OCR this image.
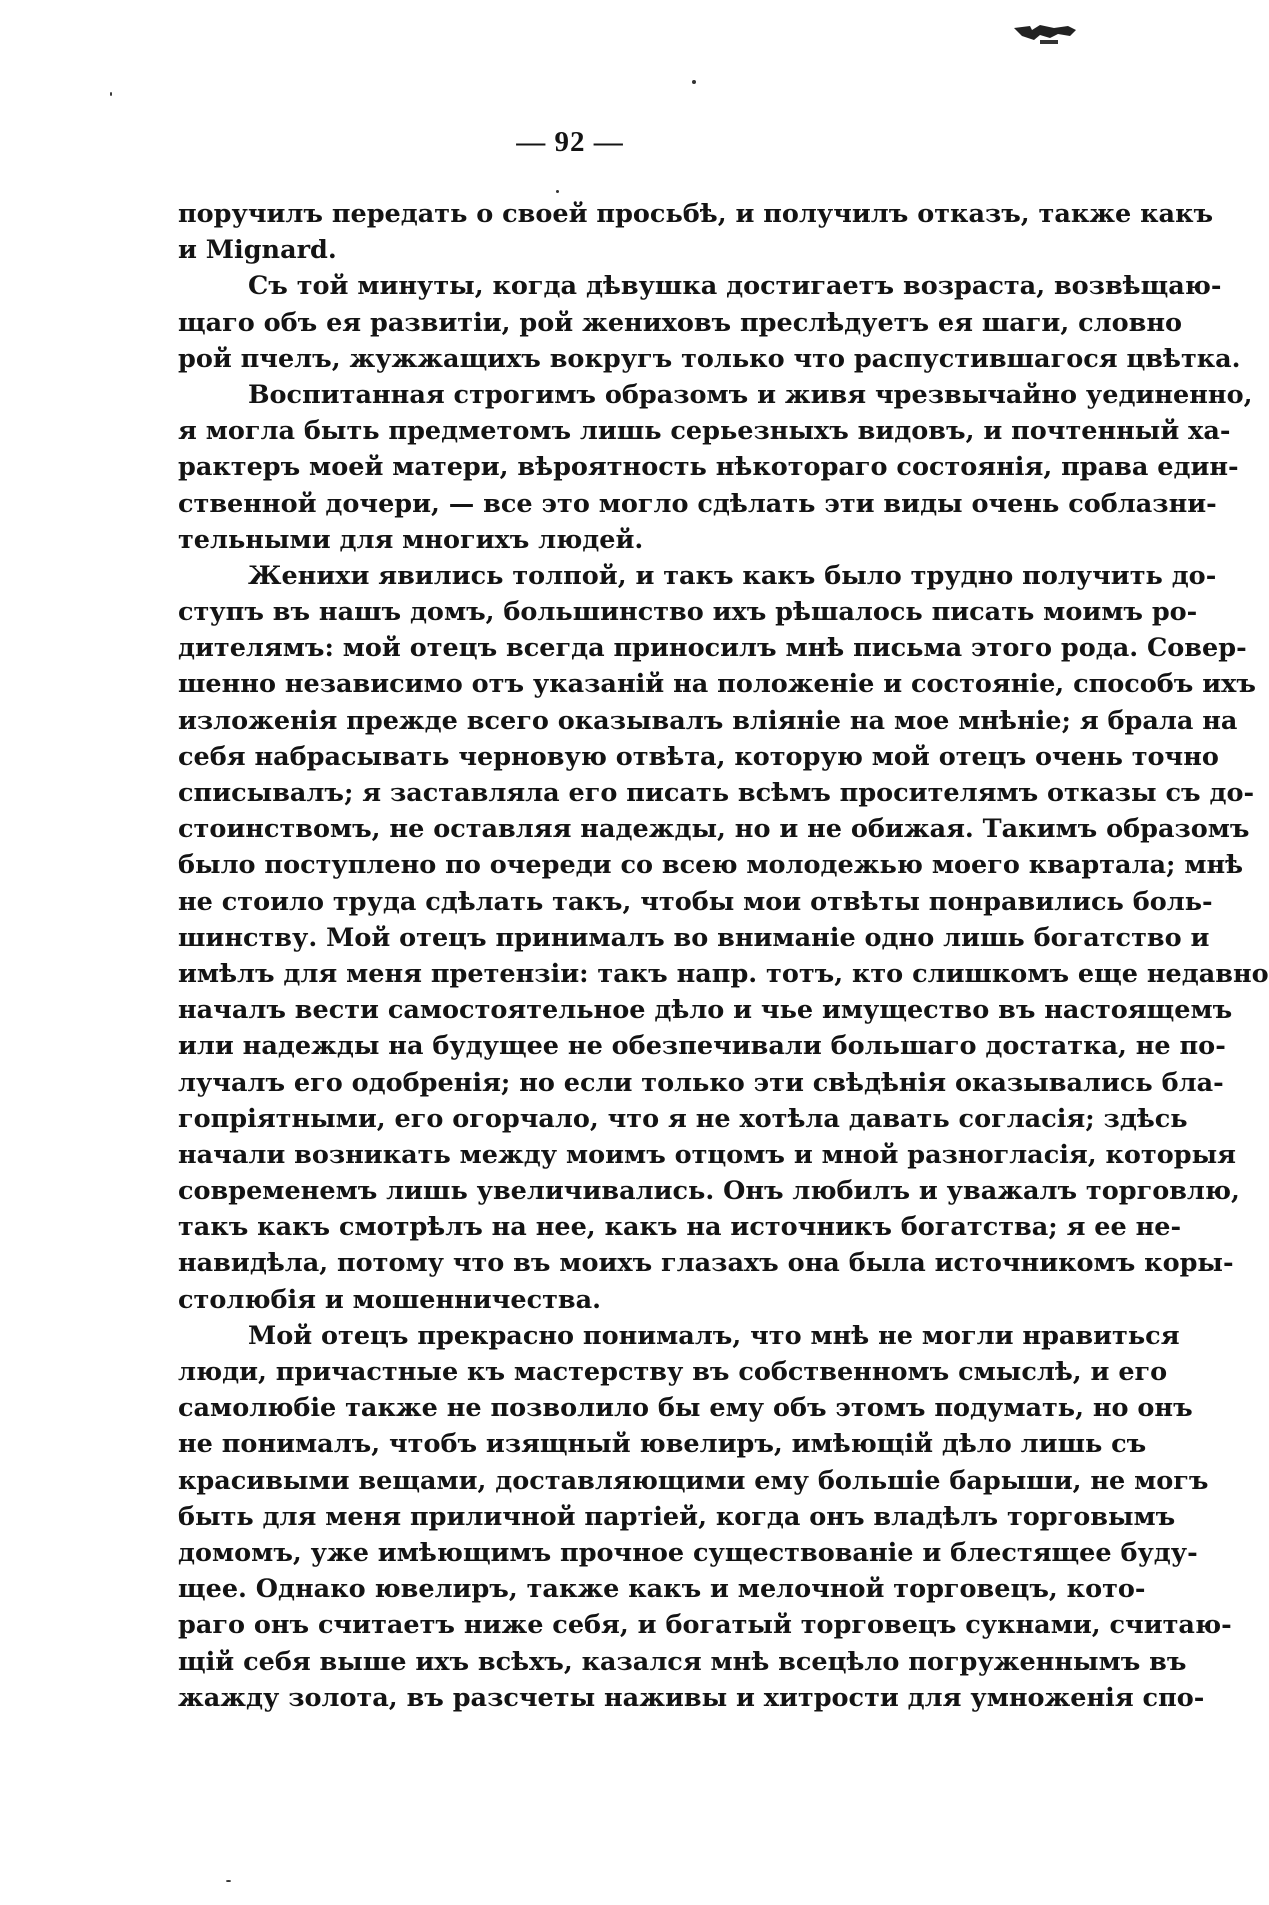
— 92 —
поручилъ передать о своей просьбѣ, и получилъ отказъ, также какъ
и Mignard.
Съ той минуты, когда дѣвушка достигаетъ возраста, возвѣщаю-
щаго объ ея развитіи, рой жениховъ преслѣдуетъ ея шаги, словно
рой пчелъ, жужжащихъ вокругъ только что распустившагося цвѣтка.
Воспитанная строгимъ образомъ и живя чрезвычайно уединенно,
я могла быть предметомъ лишь серьезныхъ видовъ, и почтенный ха-
рактеръ моей матери, вѣроятность нѣкотораго состоянія, права един-
ственной дочери, — все это могло сдѣлать эти виды очень соблазни-
тельными для многихъ людей.
Женихи явились толпой, и такъ какъ было трудно получить до-
ступъ въ нашъ домъ, большинство ихъ рѣшалось писать моимъ ро-
дителямъ: мой отецъ всегда приносилъ мнѣ письма этого рода. Совер-
шенно независимо отъ указаній на положеніе и состояніе, способъ ихъ
изложенія прежде всего оказывалъ вліяніе на мое мнѣніе; я брала на
себя набрасывать черновую отвѣта, которую мой отецъ очень точно
списывалъ; я заставляла его писать всѣмъ просителямъ отказы съ до-
стоинствомъ, не оставляя надежды, но и не обижая. Такимъ образомъ
было поступлено по очереди со всею молодежью моего квартала; мнѣ
не стоило труда сдѣлать такъ, чтобы мои отвѣты понравились боль-
шинству. Мой отецъ принималъ во вниманіе одно лишь богатство и
имѣлъ для меня претензіи: такъ напр. тотъ, кто слишкомъ еще недавно
началъ вести самостоятельное дѣло и чье имущество въ настоящемъ
или надежды на будущее не обезпечивали большаго достатка, не по-
лучалъ его одобренія; но если только эти свѣдѣнія оказывались бла-
гопріятными, его огорчало, что я не хотѣла давать согласія; здѣсь
начали возникать между моимъ отцомъ и мной разногласія, которыя
современемъ лишь увеличивались. Онъ любилъ и уважалъ торговлю,
такъ какъ смотрѣлъ на нее, какъ на источникъ богатства; я ее не-
навидѣла, потому что въ моихъ глазахъ она была источникомъ коры-
столюбія и мошенничества.
Мой отецъ прекрасно понималъ, что мнѣ не могли нравиться
люди, причастные къ мастерству въ собственномъ смыслѣ, и его
самолюбіе также не позволило бы ему объ этомъ подумать, но онъ
не понималъ, чтобъ изящный ювелиръ, имѣющій дѣло лишь съ
красивыми вещами, доставляющими ему большіе барыши, не могъ
быть для меня приличной партіей, когда онъ владѣлъ торговымъ
домомъ, уже имѣющимъ прочное существованіе и блестящее буду-
щее. Однако ювелиръ, также какъ и мелочной торговецъ, кото-
раго онъ считаетъ ниже себя, и богатый торговецъ сукнами, считаю-
щій себя выше ихъ всѣхъ, казался мнѣ всецѣло погруженнымъ въ
жажду золота, въ разсчеты наживы и хитрости для умноженія спо-
